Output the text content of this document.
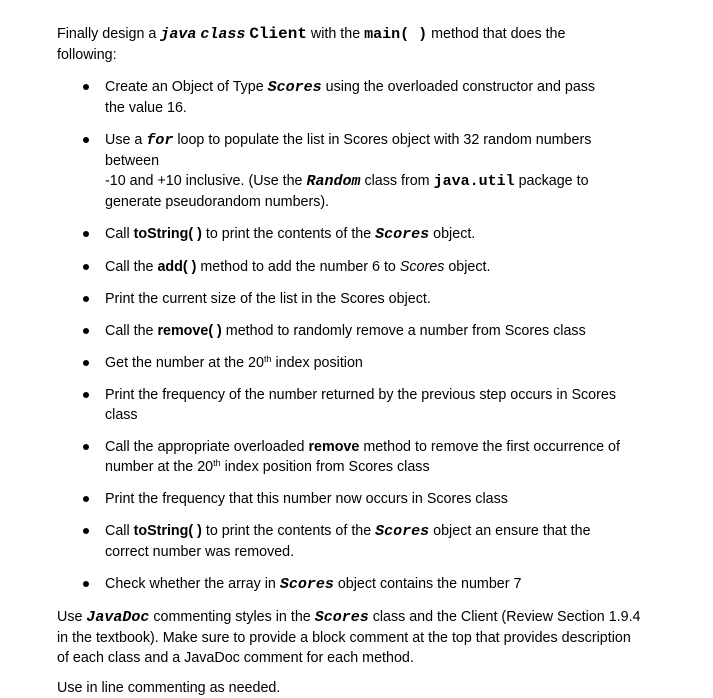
Finally design a java class Client with the main( ) method that does the following:

Create an Object of Type Scores using the overloaded constructor and pass the value 16.
Use a for loop to populate the list in Scores object with 32 random numbers
between
-10 and +10 inclusive. (Use the Random class from java.util package to generate pseudorandom numbers).
Call toString( ) to print the contents of the Scores object.
Call the add( ) method to add the number 6 to Scores object.
Print the current size of the list in the Scores object.
Call the remove( ) method to randomly remove a number from Scores class
Get the number at the 20th index position
Print the frequency of the number returned by the previous step occurs in Scores class
Call the appropriate overloaded remove method to remove the first occurrence of number at the 20th index position from Scores class
Print the frequency that this number now occurs in Scores class
Call toString( ) to print the contents of the Scores object an ensure that the correct number was removed.
Check whether the array in Scores object contains the number 7

Use JavaDoc commenting styles in the Scores class and the Client (Review Section 1.9.4 in the textbook). Make sure to provide a block comment at the top that provides description of each class and a JavaDoc comment for each method.

Use in line commenting as needed.
